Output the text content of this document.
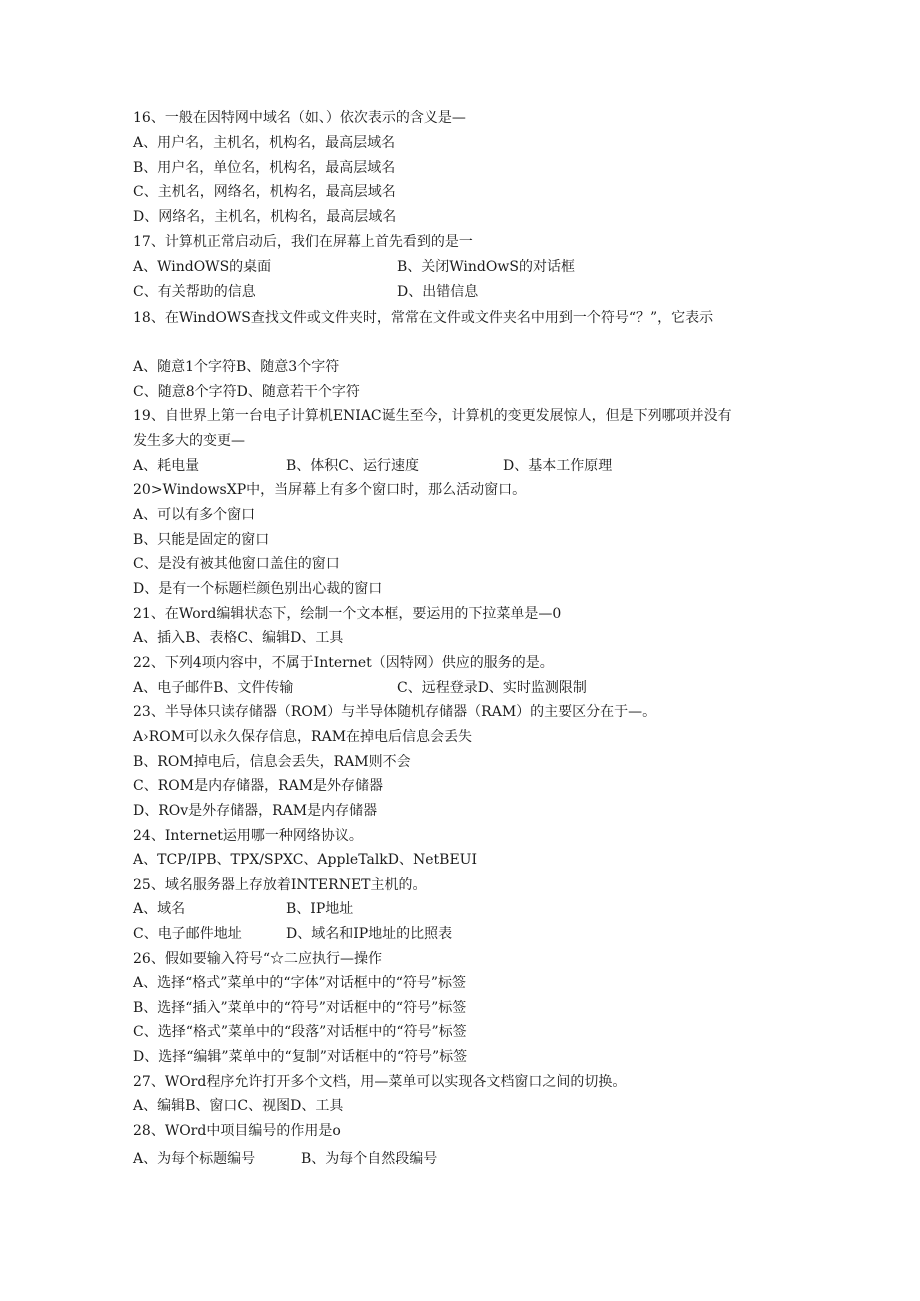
16、一般在因特网中域名（如、）依次表示的含义是—
A、用户名，主机名，机构名，最高层域名
B、用户名，单位名，机构名，最高层域名
C、主机名，网络名，机构名，最高层域名
D、网络名，主机名，机构名，最高层域名
17、计算机正常启动后，我们在屏幕上首先看到的是一
A、WindOWS的桌面	B、关闭WindOwS的对话框
C、有关帮助的信息	D、出错信息
18、在WindOWS查找文件或文件夹时，常常在文件或文件夹名中用到一个符号“？”，它表示
A、随意1个字符B、随意3个字符
C、随意8个字符D、随意若干个字符
19、自世界上第一台电子计算机ENIAC诞生至今，计算机的变更发展惊人，但是下列哪项并没有
发生多大的变更—
A、耗电量	B、体积C、运行速度	D、基本工作原理
20>WindowsXP中，当屏幕上有多个窗口时，那么活动窗口。
A、可以有多个窗口
B、只能是固定的窗口
C、是没有被其他窗口盖住的窗口
D、是有一个标题栏颜色别出心裁的窗口
21、在Word编辑状态下，绘制一个文本框，要运用的下拉菜单是—0
A、插入B、表格C、编辑D、工具
22、下列4项内容中，不属于Internet（因特网）供应的服务的是。
A、电子邮件B、文件传输	C、远程登录D、实时监测限制
23、半导体只读存储器（ROM）与半导体随机存储器（RAM）的主要区分在于—。
A›ROM可以永久保存信息，RAM在掉电后信息会丢失
B、ROM掉电后，信息会丢失，RAM则不会
C、ROM是内存储器，RAM是外存储器
D、ROv是外存储器，RAM是内存储器
24、Internet运用哪一种网络协议。
A、TCP/IPB、TPX/SPXC、AppleTalkD、NetBEUI
25、域名服务器上存放着INTERNET主机的。
A、域名	B、IP地址
C、电子邮件地址	D、域名和IP地址的比照表
26、假如要输入符号“☆二应执行—操作
A、选择“格式”菜单中的“字体”对话框中的“符号”标签
B、选择“插入”菜单中的“符号”对话框中的“符号”标签
C、选择“格式”菜单中的“段落”对话框中的“符号”标签
D、选择“编辑”菜单中的“复制”对话框中的“符号”标签
27、WOrd程序允许打开多个文档，用—菜单可以实现各文档窗口之间的切换。
A、编辑B、窗口C、视图D、工具
28、WOrd中项目编号的作用是o
A、为每个标题编号	B、为每个自然段编号
